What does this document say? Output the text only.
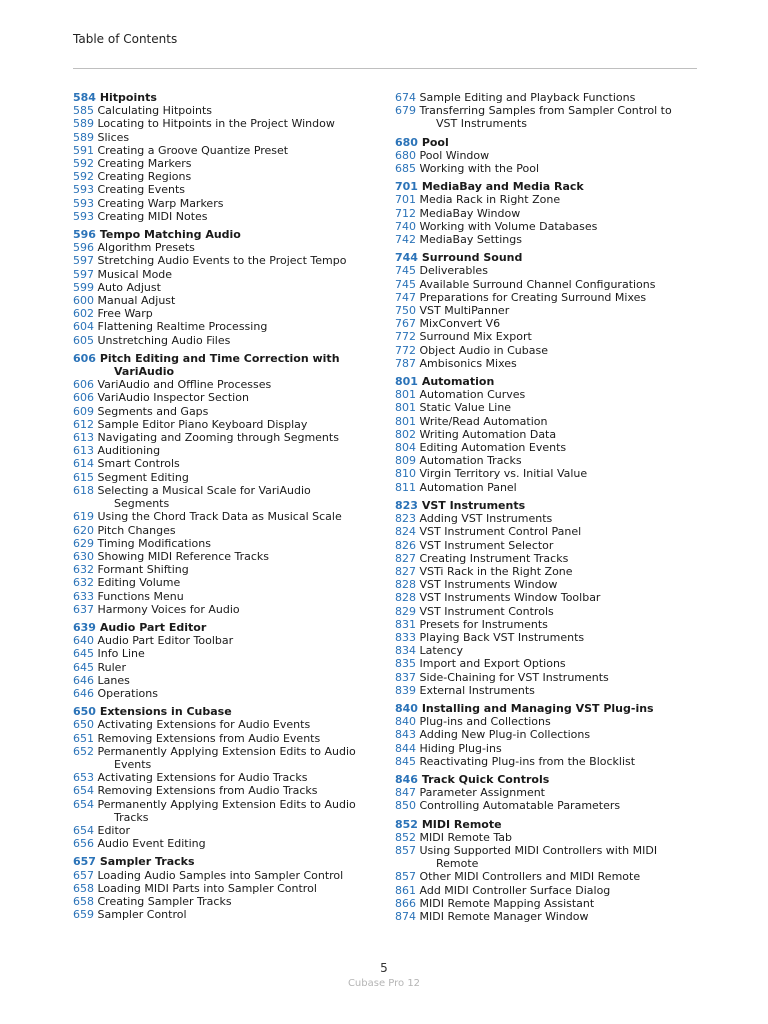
Table of Contents
584 Hitpoints
585 Calculating Hitpoints
589 Locating to Hitpoints in the Project Window
589 Slices
591 Creating a Groove Quantize Preset
592 Creating Markers
592 Creating Regions
593 Creating Events
593 Creating Warp Markers
593 Creating MIDI Notes
596 Tempo Matching Audio
596 Algorithm Presets
597 Stretching Audio Events to the Project Tempo
597 Musical Mode
599 Auto Adjust
600 Manual Adjust
602 Free Warp
604 Flattening Realtime Processing
605 Unstretching Audio Files
606 Pitch Editing and Time Correction with
VariAudio
606 VariAudio and Offline Processes
606 VariAudio Inspector Section
609 Segments and Gaps
612 Sample Editor Piano Keyboard Display
613 Navigating and Zooming through Segments
613 Auditioning
614 Smart Controls
615 Segment Editing
618 Selecting a Musical Scale for VariAudio
Segments
619 Using the Chord Track Data as Musical Scale
620 Pitch Changes
629 Timing Modifications
630 Showing MIDI Reference Tracks
632 Formant Shifting
632 Editing Volume
633 Functions Menu
637 Harmony Voices for Audio
639 Audio Part Editor
640 Audio Part Editor Toolbar
645 Info Line
645 Ruler
646 Lanes
646 Operations
650 Extensions in Cubase
650 Activating Extensions for Audio Events
651 Removing Extensions from Audio Events
652 Permanently Applying Extension Edits to Audio
Events
653 Activating Extensions for Audio Tracks
654 Removing Extensions from Audio Tracks
654 Permanently Applying Extension Edits to Audio
Tracks
654 Editor
656 Audio Event Editing
657 Sampler Tracks
657 Loading Audio Samples into Sampler Control
658 Loading MIDI Parts into Sampler Control
658 Creating Sampler Tracks
659 Sampler Control
674 Sample Editing and Playback Functions
679 Transferring Samples from Sampler Control to
VST Instruments
680 Pool
680 Pool Window
685 Working with the Pool
701 MediaBay and Media Rack
701 Media Rack in Right Zone
712 MediaBay Window
740 Working with Volume Databases
742 MediaBay Settings
744 Surround Sound
745 Deliverables
745 Available Surround Channel Configurations
747 Preparations for Creating Surround Mixes
750 VST MultiPanner
767 MixConvert V6
772 Surround Mix Export
772 Object Audio in Cubase
787 Ambisonics Mixes
801 Automation
801 Automation Curves
801 Static Value Line
801 Write/Read Automation
802 Writing Automation Data
804 Editing Automation Events
809 Automation Tracks
810 Virgin Territory vs. Initial Value
811 Automation Panel
823 VST Instruments
823 Adding VST Instruments
824 VST Instrument Control Panel
826 VST Instrument Selector
827 Creating Instrument Tracks
827 VSTi Rack in the Right Zone
828 VST Instruments Window
828 VST Instruments Window Toolbar
829 VST Instrument Controls
831 Presets for Instruments
833 Playing Back VST Instruments
834 Latency
835 Import and Export Options
837 Side-Chaining for VST Instruments
839 External Instruments
840 Installing and Managing VST Plug-ins
840 Plug-ins and Collections
843 Adding New Plug-in Collections
844 Hiding Plug-ins
845 Reactivating Plug-ins from the Blocklist
846 Track Quick Controls
847 Parameter Assignment
850 Controlling Automatable Parameters
852 MIDI Remote
852 MIDI Remote Tab
857 Using Supported MIDI Controllers with MIDI
Remote
857 Other MIDI Controllers and MIDI Remote
861 Add MIDI Controller Surface Dialog
866 MIDI Remote Mapping Assistant
874 MIDI Remote Manager Window
5
Cubase Pro 12
